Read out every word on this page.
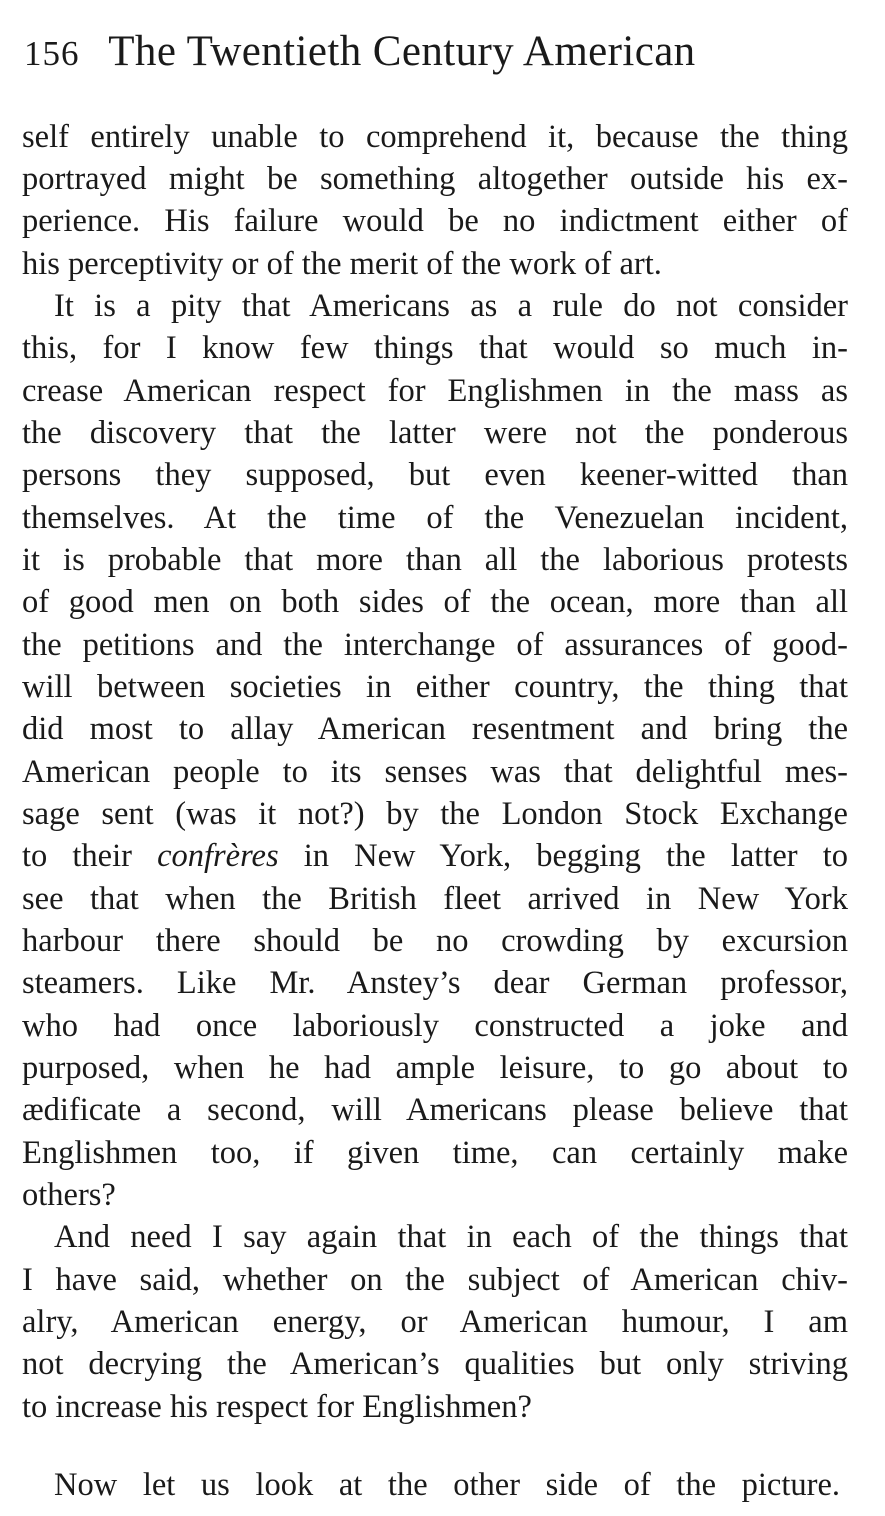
156 The Twentieth Century American
self entirely unable to comprehend it, because the thing
portrayed might be something altogether outside his ex-
perience. His failure would be no indictment either of
his perceptivity or of the merit of the work of art.
It is a pity that Americans as a rule do not consider
this, for I know few things that would so much in-
crease American respect for Englishmen in the mass as
the discovery that the latter were not the ponderous
persons they supposed, but even keener-witted than
themselves. At the time of the Venezuelan incident,
it is probable that more than all the laborious protests
of good men on both sides of the ocean, more than all
the petitions and the interchange of assurances of good-
will between societies in either country, the thing that
did most to allay American resentment and bring the
American people to its senses was that delightful mes-
sage sent (was it not?) by the London Stock Exchange
to their confrères in New York, begging the latter to
see that when the British fleet arrived in New York
harbour there should be no crowding by excursion
steamers. Like Mr. Anstey’s dear German professor,
who had once laboriously constructed a joke and
purposed, when he had ample leisure, to go about to
ædificate a second, will Americans please believe that
Englishmen too, if given time, can certainly make
others?
And need I say again that in each of the things that
I have said, whether on the subject of American chiv-
alry, American energy, or American humour, I am
not decrying the American’s qualities but only striving
to increase his respect for Englishmen?
Now let us look at the other side of the picture.
